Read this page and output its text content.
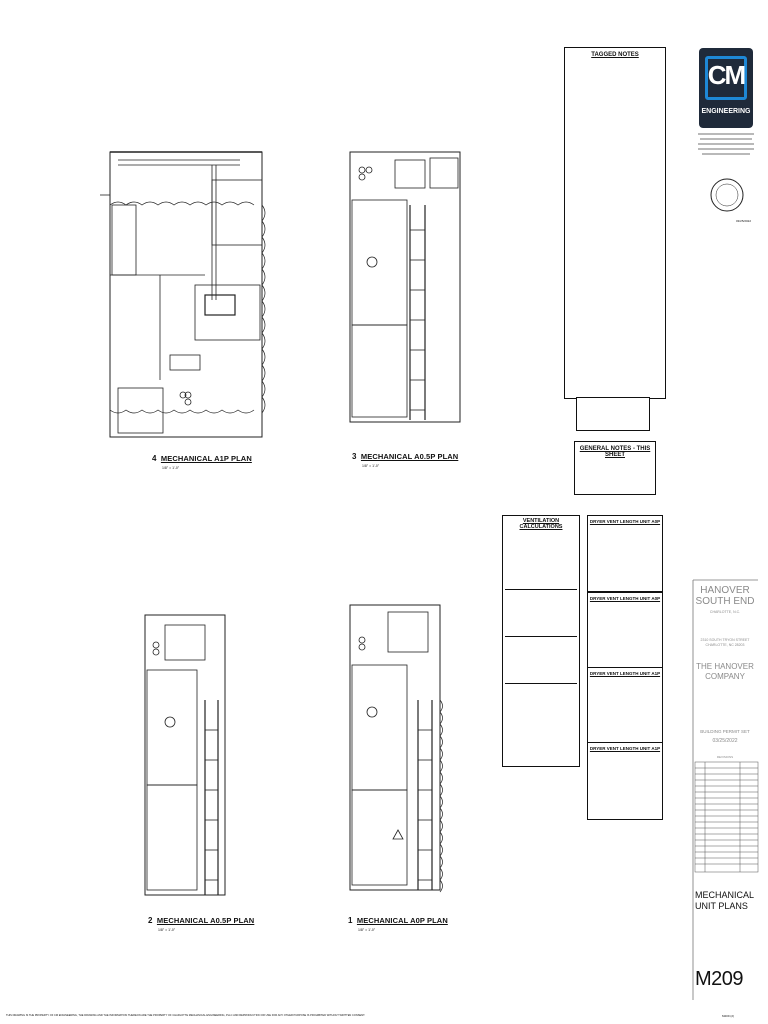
4 MECHANICAL A1P PLAN
1/8" = 1'-0"
3 MECHANICAL A0.5P PLAN
1/8" = 1'-0"
2 MECHANICAL A0.5P PLAN
1/8" = 1'-0"
1 MECHANICAL A0P PLAN
1/8" = 1'-0"
TAGGED NOTES
GENERAL NOTES - THIS SHEET
VENTILATION CALCULATIONS
DRYER VENT LENGTH UNIT A0P
DRYER VENT LENGTH UNIT A0P
DRYER VENT LENGTH UNIT A1P
DRYER VENT LENGTH UNIT A1P
CM
ENGINEERING
03/25/2022
HANOVER SOUTH END
CHARLOTTE, N.C.
2310 SOUTH TRYON STREET
CHARLOTTE, NC 28203
THE HANOVER COMPANY
BUILDING PERMIT SET
03/25/2022
REVISIONS
MECHANICAL UNIT PLANS
M209
M209 (2)
THIS DRAWING IS THE PROPERTY OF CM ENGINEERING, THE DRAWING AND THE INFORMATION THEREON ARE THE PROPERTY OF CHARLOTTE MECHANICAL ENGINEERING, PLLC AND REPRODUCTION OR USE FOR ANY OTHER PURPOSE IS PROHIBITED WITHOUT WRITTEN CONSENT.
